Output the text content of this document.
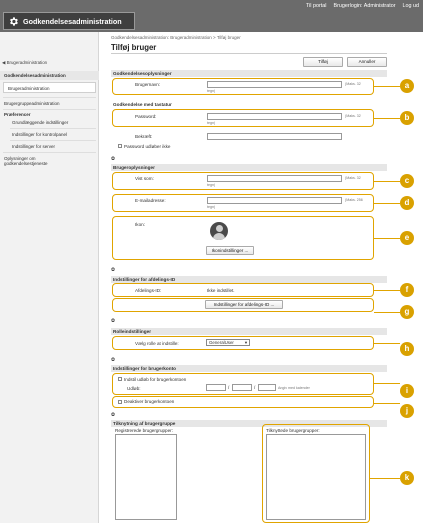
Til portal Brugerlogin: Administrator Log ud
Godkendelsesadministration
◀ Brugeradministration
Godkendelsesadministration
Brugeradministration
Brugergruppeadministration
Præferencer
Grundlæggende indstillinger
Indstillinger for kontrolpanel
Indstillinger for server
Oplysninger om
godkendelsestjeneste
Godkendelsesadministration: Brugeradministration > Tilføj bruger
Tilføj bruger
Tilføj	Annuller
Godkendelsesoplysninger
Brugernavn:	(Maks. 32
tegn)
Godkendelse med tastatur
Password:	(Maks. 32
tegn)
Bekræft:
Password udløber ikke
⨷
Brugeroplysninger
Vist som:	(Maks. 32
tegn)
E-mailadresse:	(Maks. 256
tegn)
Ikon:
Ikonindstillinger ...
⨷
Indstillinger for afdelings-ID
Afdelings-ID:	Ikke indstillet.
Indstillinger for afdelings-ID ...
⨷
Rolleindstillinger
Vælg rolle at indstille:	GeneralUser	▼
⨷
Indstillinger for brugerkonto
Indstil udløb for brugerkontoen
Udløb:	/	/	Angiv med kalender
Deaktiver brugerkontoen
⨷
Tilknytning af brugergruppe
Registrerede brugergrupper:	Tilknyttede brugergrupper:
a
b
c
d
e
f
g
h
i
j
k
